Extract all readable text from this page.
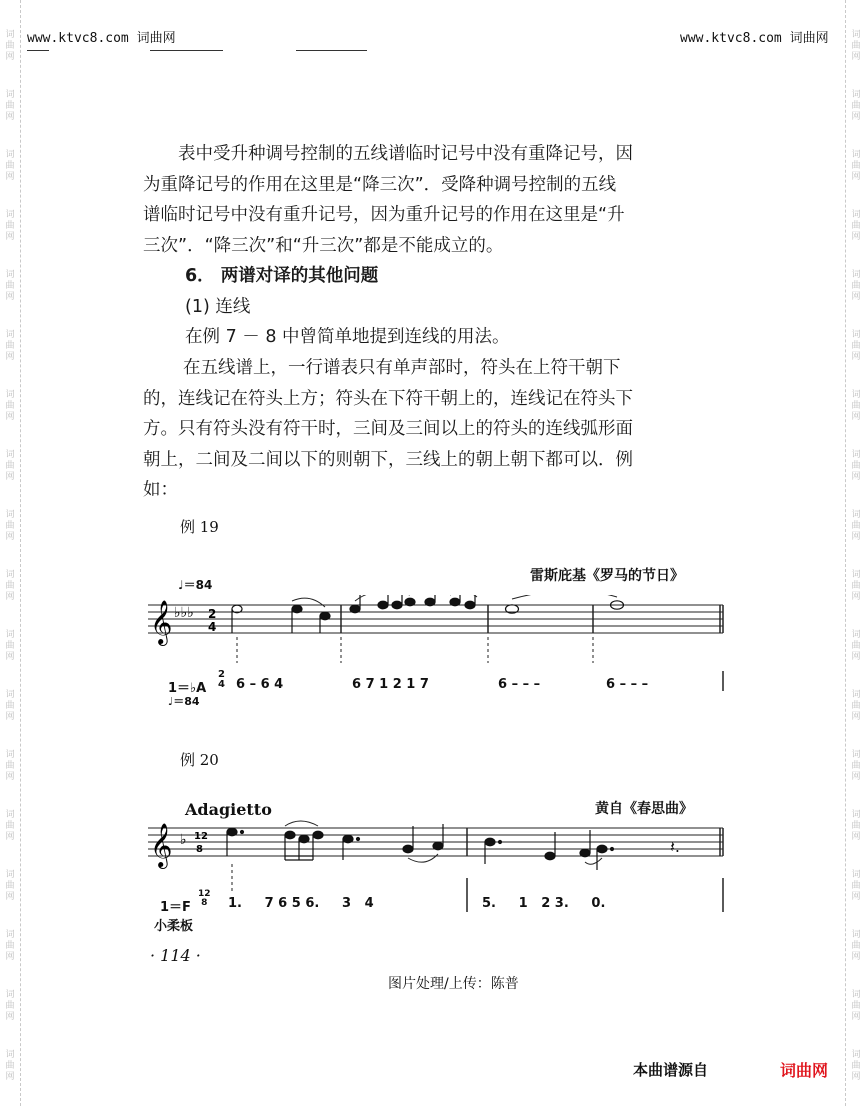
词
曲
网
词
曲
网
词
曲
网
词
曲
网
词
曲
网
词
曲
网
词
曲
网
词
曲
网
词
曲
网
词
曲
网
词
曲
网
词
曲
网
词
曲
网
词
曲
网
词
曲
网
词
曲
网
词
曲
网
词
曲
网
词
曲
网
词
曲
网
词
曲
网
词
曲
网
词
曲
网
词
曲
网
词
曲
网
词
曲
网
词
曲
网
词
曲
网
词
曲
网
词
曲
网
词
曲
网
词
曲
网
词
曲
网
词
曲
网
词
曲
网
词
曲
网
www.ktvc8.com 词曲网	www.ktvc8.com 词曲网
表中受升种调号控制的五线谱临时记号中没有重降记号，因
为重降记号的作用在这里是“降三次”．受降种调号控制的五线
谱临时记号中没有重升记号，因为重升记号的作用在这里是“升
三次”．“降三次”和“升三次”都是不能成立的。
6． 两谱对译的其他问题
(1) 连线
在例 7 － 8 中曾简单地提到连线的用法。
在五线谱上，一行谱表只有单声部时，符头在上符干朝下
的，连线记在符头上方；符头在下符干朝上的，连线记在符头下
方。只有符头没有符干时，三间及三间以上的符头的连线弧形面
朝上，二间及二间以下的则朝下，三线上的朝上朝下都可以．例
如：
例 19
雷斯庇基《罗马的节日》
♩＝84
𝄞 ♭♭♭ 2
4
1＝♭A
2
4
♩＝84
6 – 6 4	6 7 1 2 1 7	6 – – –	6 – – –
例 20
Adagietto	黄自《春思曲》
𝄞 ♭ 12
8	𝄽.
1＝F
12
8 1.     7 6 5 6.     3   4	5.     1   2 3.     0.
小柔板
· 114 ·
图片处理/上传：陈普
本曲谱源自	词曲网
